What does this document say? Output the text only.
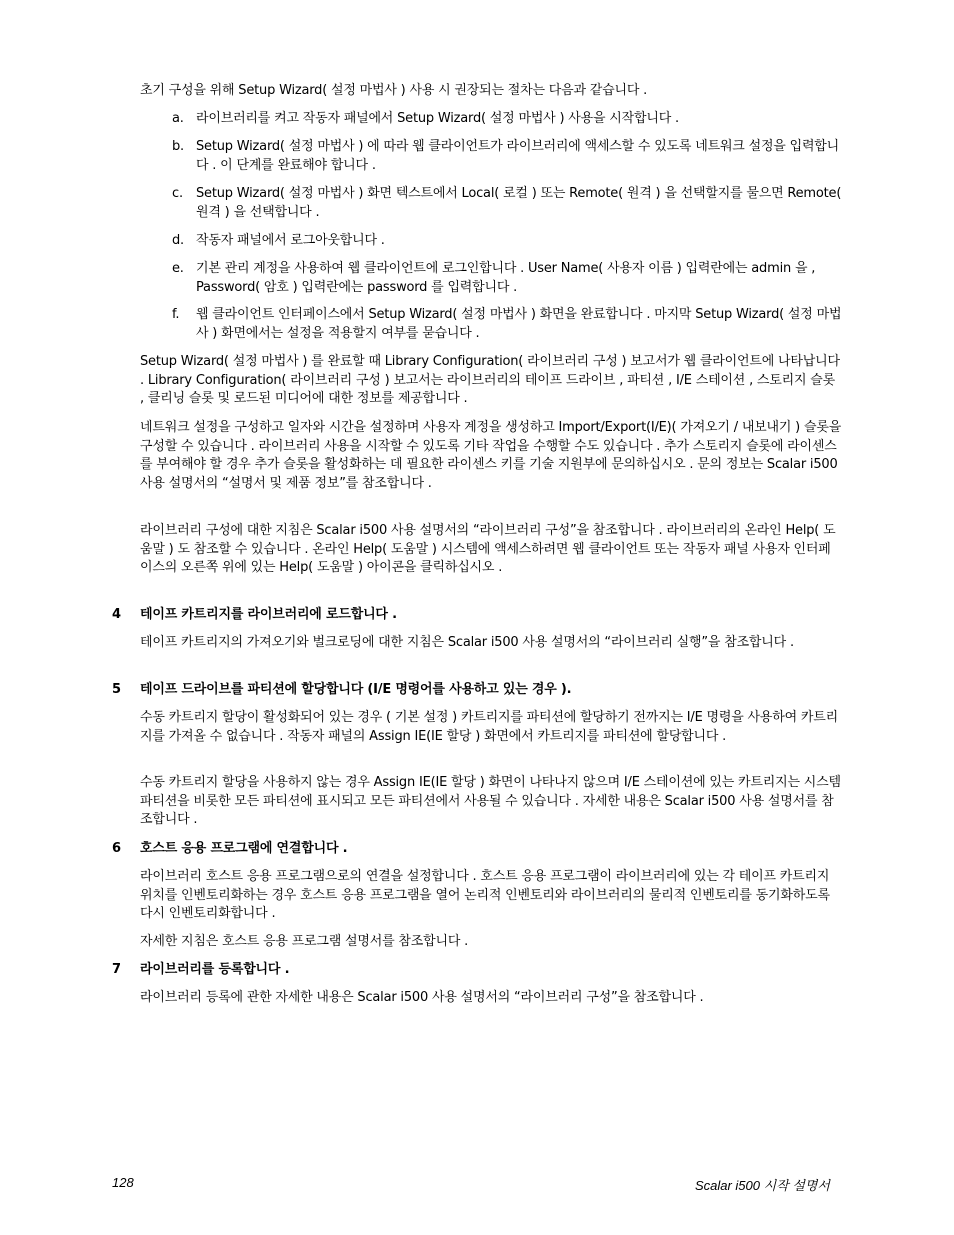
초기 구성을 위해 Setup Wizard( 설정 마법사 ) 사용 시 권장되는 절차는 다음과 같습니다 .

a. 라이브러리를 켜고 작동자 패널에서 Setup Wizard( 설정 마법사 ) 사용을 시작합니다 .
b. Setup Wizard( 설정 마법사 ) 에 따라 웹 클라이언트가 라이브러리에 액세스할 수 있도록 네트워크 설정을 입력합니다 . 이 단계를 완료해야 합니다 .
c.	Setup Wizard( 설정 마법사 ) 화면 텍스트에서 Local( 로컬 ) 또는 Remote( 원격 ) 을 선택할지를 물으면 Remote( 원격 ) 을 선택합니다 .
d. 작동자 패널에서 로그아웃합니다 .
e. 기본 관리 계정을 사용하여 웹 클라이언트에 로그인합니다 . User Name( 사용자 이름 ) 입력란에는 admin 을 , Password( 암호 ) 입력란에는 password 를 입력합니다 .
f.	웹 클라이언트 인터페이스에서 Setup Wizard( 설정 마법사 ) 화면을 완료합니다 . 마지막 Setup Wizard( 설정 마법사 ) 화면에서는 설정을 적용할지 여부를 묻습니다 .

Setup Wizard( 설정 마법사 ) 를 완료할 때 Library Configuration( 라이브러리 구성 ) 보고서가 웹 클라이언트에 나타납니다 . Library Configuration( 라이브러리 구성 ) 보고서는 라이브러리의 테이프 드라이브 , 파티션 , I/E 스테이션 , 스토리지 슬롯 , 클리닝 슬롯 및 로드된 미디어에 대한 정보를 제공합니다 .

네트워크 설정을 구성하고 일자와 시간을 설정하며 사용자 계정을 생성하고 Import/Export(I/E)( 가져오기 / 내보내기 ) 슬롯을 구성할 수 있습니다 . 라이브러리 사용을 시작할 수 있도록 기타 작업을 수행할 수도 있습니다 . 추가 스토리지 슬롯에 라이센스를 부여해야 할 경우 추가 슬롯을 활성화하는 데 필요한 라이센스 키를 기술 지원부에 문의하십시오 . 문의 정보는 Scalar i500 사용 설명서의 “설명서 및 제품 정보”를 참조합니다 .

라이브러리 구성에 대한 지침은 Scalar i500 사용 설명서의 “라이브러리 구성”을 참조합니다 . 라이브러리의 온라인 Help( 도움말 ) 도 참조할 수 있습니다 . 온라인 Help( 도움말 ) 시스템에 액세스하려면 웹 클라이언트 또는 작동자 패널 사용자 인터페이스의 오른쪽 위에 있는 Help( 도움말 ) 아이콘을 클릭하십시오 .

4	테이프 카트리지를 라이브러리에 로드합니다 .

테이프 카트리지의 가져오기와 벌크로딩에 대한 지침은 Scalar i500 사용 설명서의 “라이브러리 실행”을 참조합니다 .

5	테이프 드라이브를 파티션에 할당합니다 (I/E 명령어를 사용하고 있는 경우 ).

수동 카트리지 할당이 활성화되어 있는 경우 ( 기본 설정 ) 카트리지를 파티션에 할당하기 전까지는 I/E 명령을 사용하여 카트리지를 가져올 수 없습니다 . 작동자 패널의 Assign IE(IE 할당 ) 화면에서 카트리지를 파티션에 할당합니다 .

수동 카트리지 할당을 사용하지 않는 경우 Assign IE(IE 할당 ) 화면이 나타나지 않으며 I/E 스테이션에 있는 카트리지는 시스템 파티션을 비롯한 모든 파티션에 표시되고 모든 파티션에서 사용될 수 있습니다 . 자세한 내용은 Scalar i500 사용 설명서를 참조합니다 .

6	호스트 응용 프로그램에 연결합니다 .

라이브러리 호스트 응용 프로그램으로의 연결을 설정합니다 . 호스트 응용 프로그램이 라이브러리에 있는 각 테이프 카트리지 위치를 인벤토리화하는 경우 호스트 응용 프로그램을 열어 논리적 인벤토리와 라이브러리의 물리적 인벤토리를 동기화하도록 다시 인벤토리화합니다 .

자세한 지침은 호스트 응용 프로그램 설명서를 참조합니다 .

7	라이브러리를 등록합니다 .

라이브러리 등록에 관한 자세한 내용은 Scalar i500 사용 설명서의 “라이브러리 구성”을 참조합니다 .

128	Scalar i500 시작 설명서
